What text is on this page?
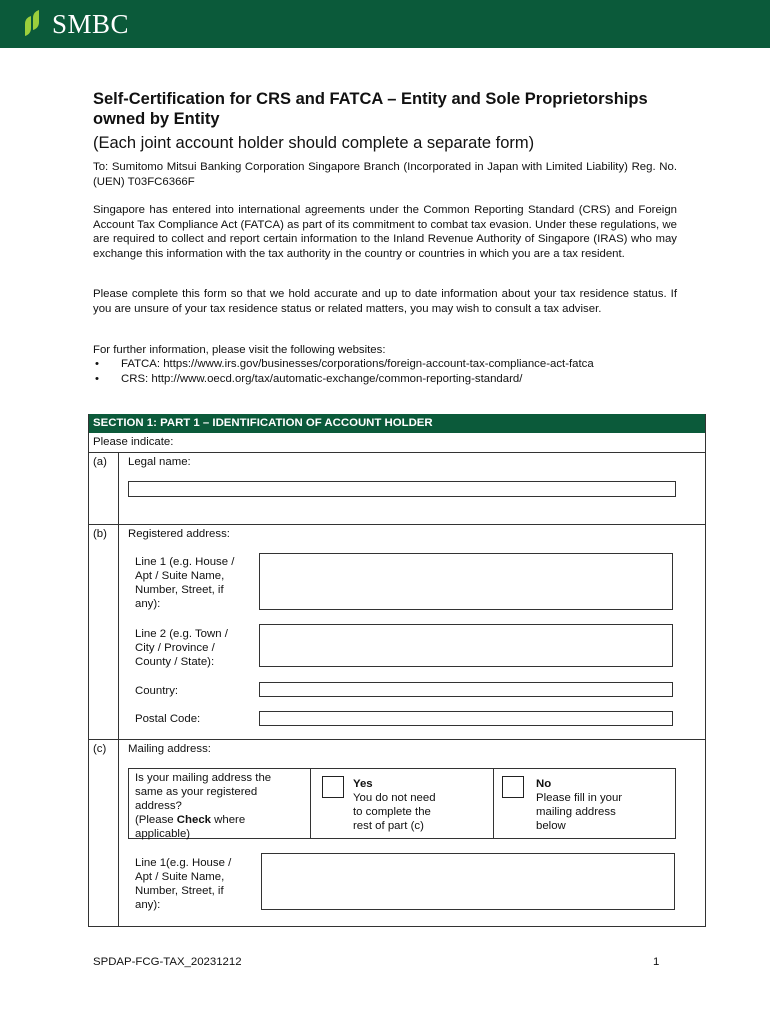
SMBC
Self-Certification for CRS and FATCA – Entity and Sole Proprietorships owned by Entity
(Each joint account holder should complete a separate form)
To: Sumitomo Mitsui Banking Corporation Singapore Branch (Incorporated in Japan with Limited Liability) Reg. No. (UEN) T03FC6366F
Singapore has entered into international agreements under the Common Reporting Standard (CRS) and Foreign Account Tax Compliance Act (FATCA) as part of its commitment to combat tax evasion. Under these regulations, we are required to collect and report certain information to the Inland Revenue Authority of Singapore (IRAS) who may exchange this information with the tax authority in the country or countries in which you are a tax resident.
Please complete this form so that we hold accurate and up to date information about your tax residence status. If you are unsure of your tax residence status or related matters, you may wish to consult a tax adviser.
For further information, please visit the following websites:
•	FATCA: https://www.irs.gov/businesses/corporations/foreign-account-tax-compliance-act-fatca
•	CRS: http://www.oecd.org/tax/automatic-exchange/common-reporting-standard/
SECTION 1: PART 1 – IDENTIFICATION OF ACCOUNT HOLDER
Please indicate:
(a) Legal name:
(b) Registered address:
Line 1 (e.g. House /
Apt / Suite Name,
Number, Street, if
any):
Line 2 (e.g. Town /
City / Province /
County / State):
Country:
Postal Code:
(c) Mailing address:
Is your mailing address the
same as your registered
address?
(Please Check where
applicable)
Yes
You do not need
to complete the
rest of part (c)
No
Please fill in your
mailing address
below
Line 1(e.g. House /
Apt / Suite Name,
Number, Street, if
any):
SPDAP-FCG-TAX_20231212	1
